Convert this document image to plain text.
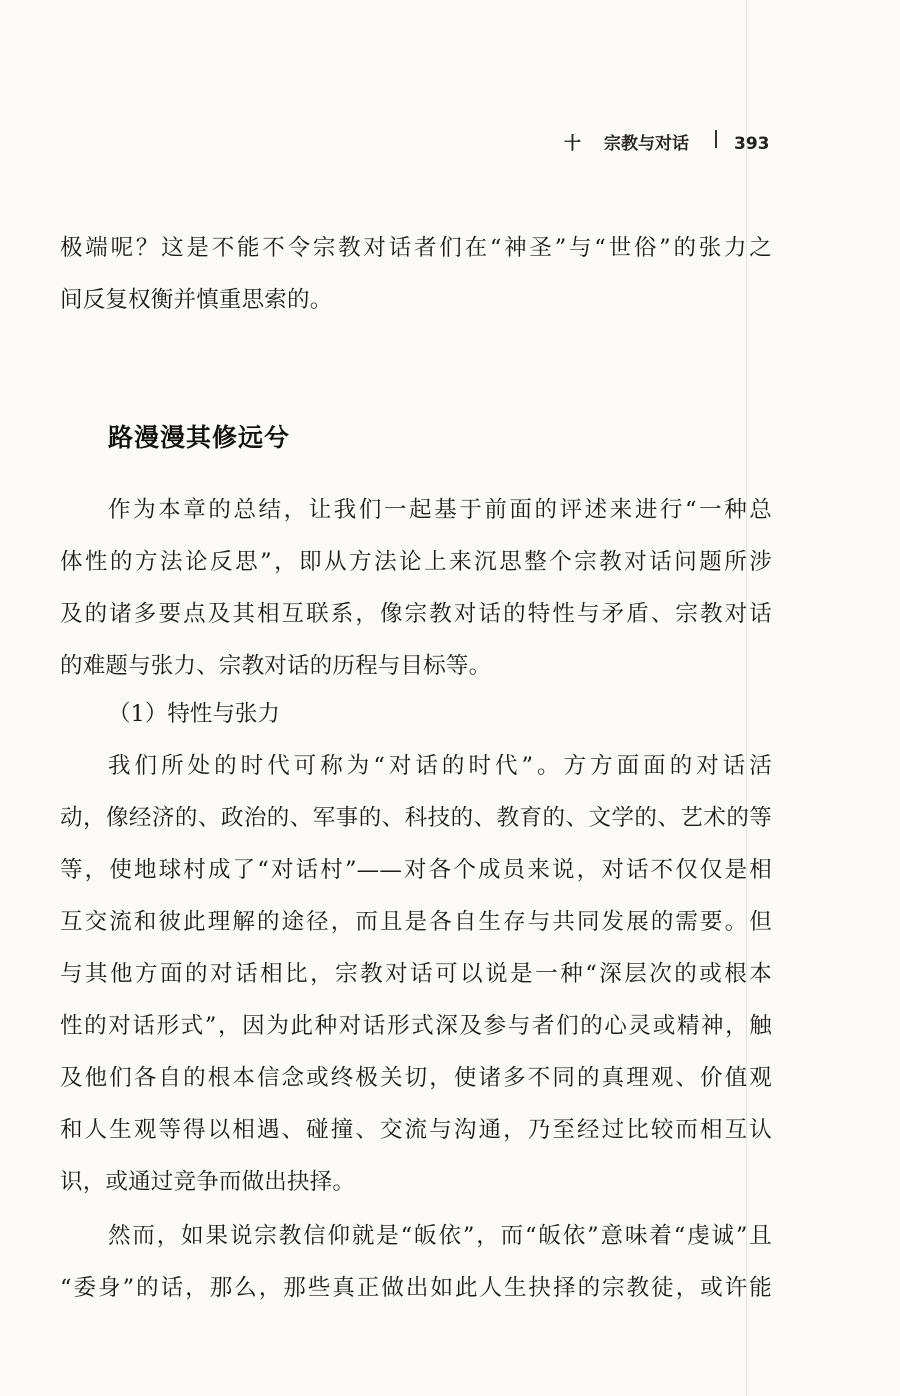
十 宗教与对话	393
极端呢？这是不能不令宗教对话者们在“神圣”与“世俗”的张力之
间反复权衡并慎重思索的。
路漫漫其修远兮
作为本章的总结，让我们一起基于前面的评述来进行“一种总
体性的方法论反思”，即从方法论上来沉思整个宗教对话问题所涉
及的诸多要点及其相互联系，像宗教对话的特性与矛盾、宗教对话
的难题与张力、宗教对话的历程与目标等。
（1）特性与张力
我们所处的时代可称为“对话的时代”。方方面面的对话活
动，像经济的、政治的、军事的、科技的、教育的、文学的、艺术的等
等，使地球村成了“对话村”——对各个成员来说，对话不仅仅是相
互交流和彼此理解的途径，而且是各自生存与共同发展的需要。但
与其他方面的对话相比，宗教对话可以说是一种“深层次的或根本
性的对话形式”，因为此种对话形式深及参与者们的心灵或精神，触
及他们各自的根本信念或终极关切，使诸多不同的真理观、价值观
和人生观等得以相遇、碰撞、交流与沟通，乃至经过比较而相互认
识，或通过竞争而做出抉择。
然而，如果说宗教信仰就是“皈依”，而“皈依”意味着“虔诚”且
“委身”的话，那么，那些真正做出如此人生抉择的宗教徒，或许能
